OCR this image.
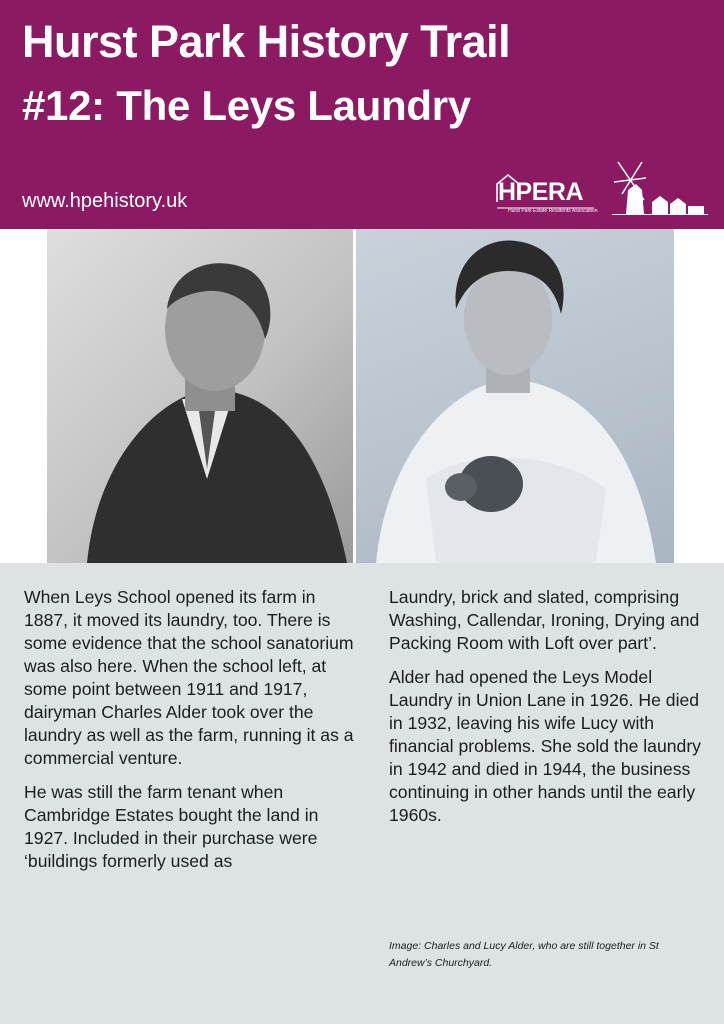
Hurst Park History Trail
#12: The Leys Laundry
www.hpehistory.uk	HPERA
Hurst Park Estate Residents Association

When Leys School opened its farm in 1887, it moved its laundry, too. There is some evidence that the school sanatorium was also here. When the school left, at some point between 1911 and 1917, dairyman Charles Alder took over the laundry as well as the farm, running it as a commercial venture.

He was still the farm tenant when Cambridge Estates bought the land in 1927. Included in their purchase were ‘buildings formerly used as

Laundry, brick and slated, comprising Washing, Callendar, Ironing, Drying and Packing Room with Loft over part’.

Alder had opened the Leys Model Laundry in Union Lane in 1926. He died in 1932, leaving his wife Lucy with financial problems. She sold the laundry in 1942 and died in 1944, the business continuing in other hands until the early 1960s.

Image: Charles and Lucy Alder, who are still together in St Andrew’s Churchyard.
